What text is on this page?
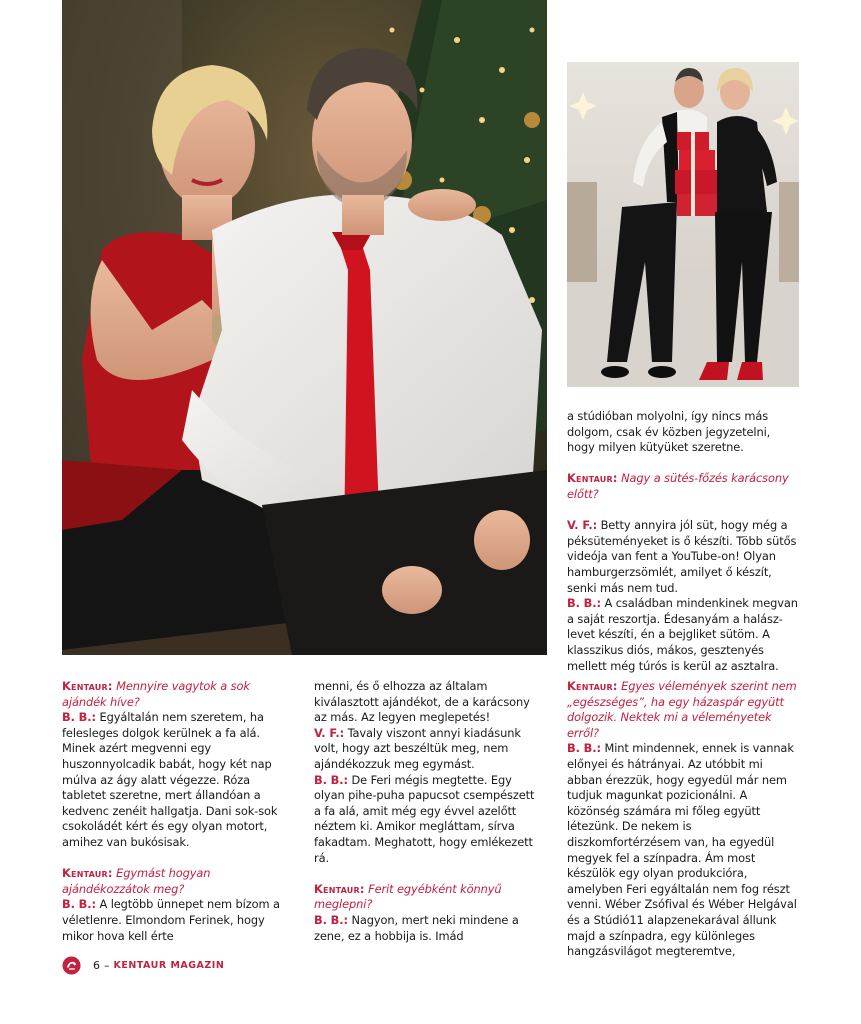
a stúdióban molyolni, így nincs más dolgom, csak év közben jegyzetelni, hogy milyen kütyüket szeretne.

Kentaur: Nagy a sütés-főzés karácsony előtt?

V. F.: Betty annyira jól süt, hogy még a péksüteményeket is ő készíti. Több sütős videója van fent a YouTube-on! Olyan hamburgerzsömlét, amilyet ő készít, senki más nem tud.

B. B.: A családban mindenkinek megvan a saját reszortja. Édesanyám a halász-levet készíti, én a bejgliket sütöm. A klasszikus diós, mákos, gesztenyés mellett még túrós is kerül az asztalra.

Kentaur: Mennyire vagytok a sok ajándék híve?

B. B.: Egyáltalán nem szeretem, ha felesleges dolgok kerülnek a fa alá. Minek azért megvenni egy huszonnyolcadik babát, hogy két nap múlva az ágy alatt végezze. Róza tabletet szeretne, mert állandóan a kedvenc zenéit hallgatja. Dani sok-sok csokoládét kért és egy olyan motort, amihez van bukósisak.

Kentaur: Egymást hogyan ajándékozzátok meg?
B. B.: A legtöbb ünnepet nem bízom a véletlenre. Elmondom Ferinek, hogy mikor hova kell érte
menni, és ő elhozza az általam kiválasztott ajándékot, de a karácsony az más. Az legyen meglepetés!
V. F.: Tavaly viszont annyi kiadásunk volt, hogy azt beszéltük meg, nem ajándékozzuk meg egymást.

B. B.: De Feri mégis megtette. Egy olyan pihe-puha papucsot csempészett a fa alá, amit még egy évvel azelőtt néztem ki. Amikor megláttam, sírva fakadtam. Meghatott, hogy emlékezett rá.

Kentaur: Ferit egyébként könnyű meglepni?
B. B.: Nagyon, mert neki mindene a zene, ez a hobbija is. Imád
Kentaur: Egyes vélemények szerint nem „egészséges”, ha egy házaspár együtt dolgozik. Nektek mi a véleményetek erről?
B. B.: Mint mindennek, ennek is vannak előnyei és hátrányai. Az utóbbit mi abban érezzük, hogy egyedül már nem tudjuk magunkat pozicionálni. A közönség számára mi főleg együtt létezünk. De nekem is diszkomfortérzésem van, ha egyedül megyek fel a színpadra. Ám most készülök egy olyan produkcióra, amelyben Feri egyáltalán nem fog részt venni. Wéber Zsófival és Wéber Helgával és a Stúdió11 alapzenekarával állunk majd a színpadra, egy különleges hangzásvilágot megteremtve,
6 – KENTAUR MAGAZIN
